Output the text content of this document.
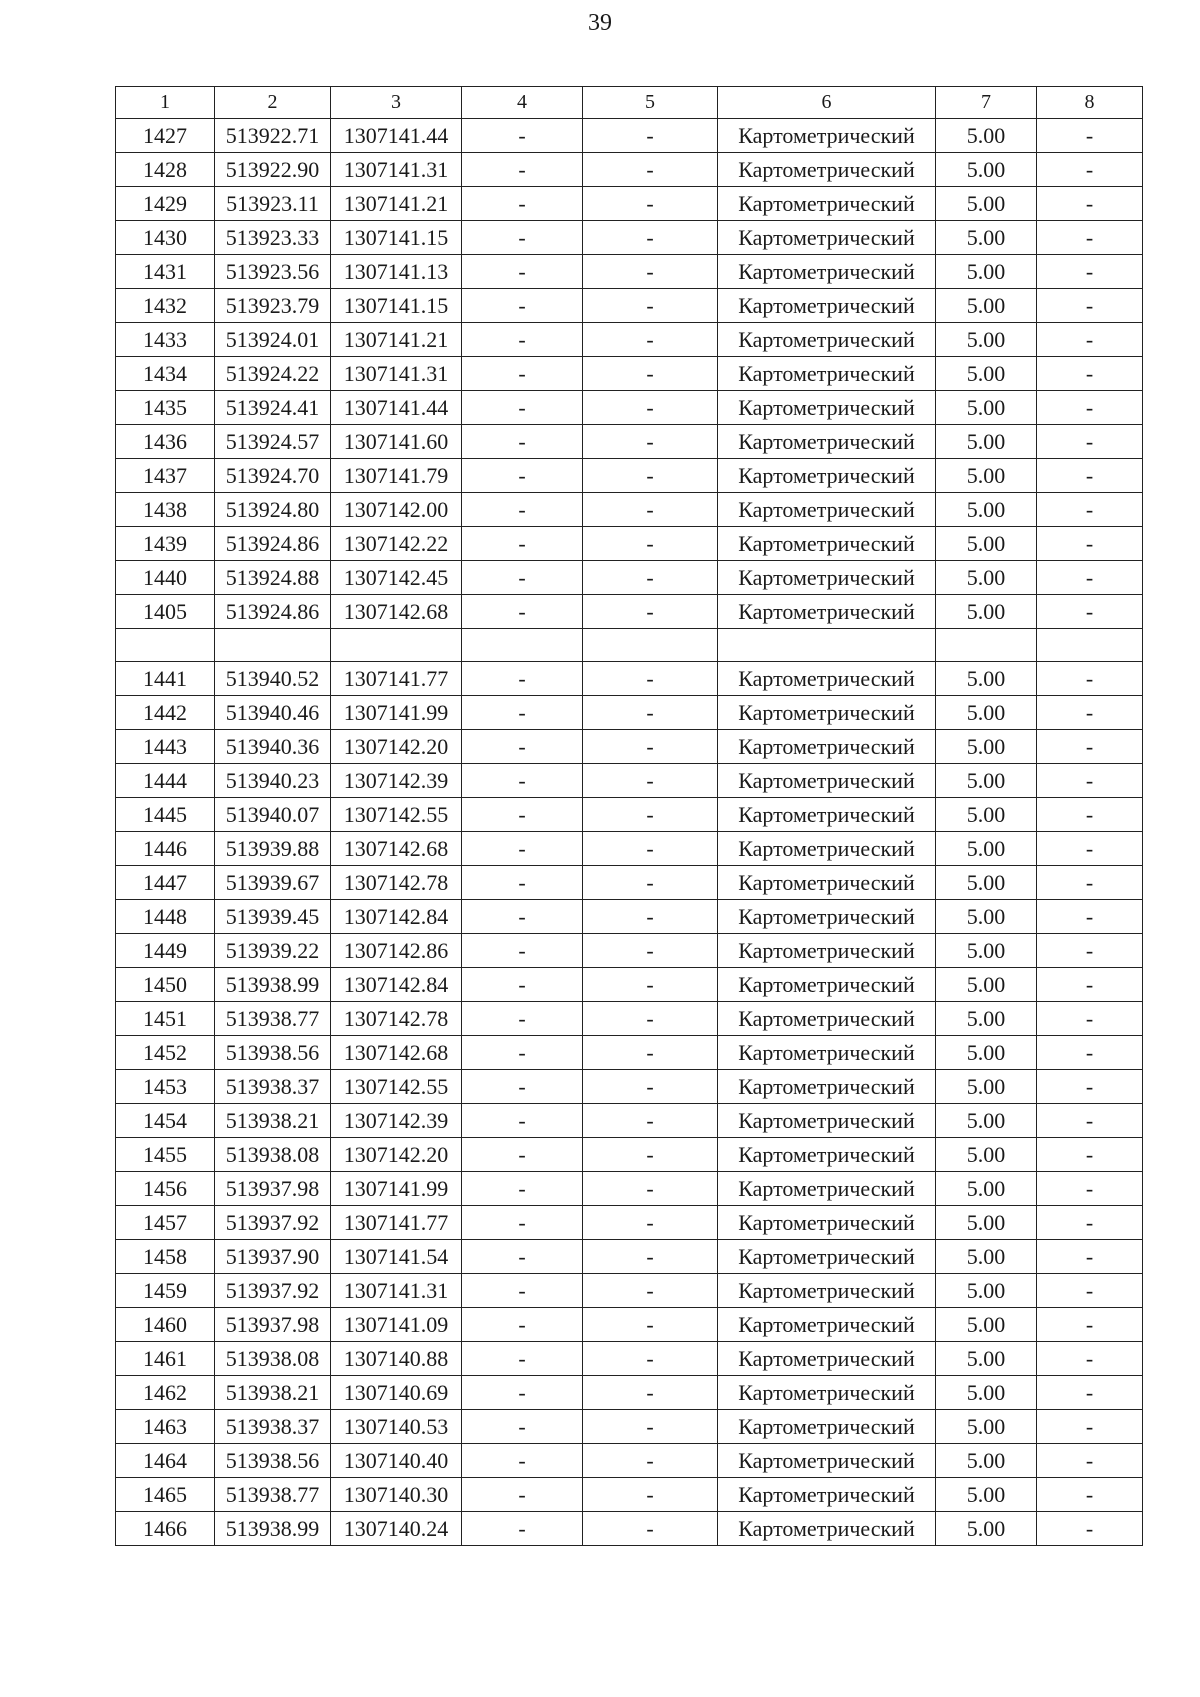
39
1	2	3	4	5	6	7	8
1427	513922.71	1307141.44	-	-	Картометрический	5.00	-
1428	513922.90	1307141.31	-	-	Картометрический	5.00	-
1429	513923.11	1307141.21	-	-	Картометрический	5.00	-
1430	513923.33	1307141.15	-	-	Картометрический	5.00	-
1431	513923.56	1307141.13	-	-	Картометрический	5.00	-
1432	513923.79	1307141.15	-	-	Картометрический	5.00	-
1433	513924.01	1307141.21	-	-	Картометрический	5.00	-
1434	513924.22	1307141.31	-	-	Картометрический	5.00	-
1435	513924.41	1307141.44	-	-	Картометрический	5.00	-
1436	513924.57	1307141.60	-	-	Картометрический	5.00	-
1437	513924.70	1307141.79	-	-	Картометрический	5.00	-
1438	513924.80	1307142.00	-	-	Картометрический	5.00	-
1439	513924.86	1307142.22	-	-	Картометрический	5.00	-
1440	513924.88	1307142.45	-	-	Картометрический	5.00	-
1405	513924.86	1307142.68	-	-	Картометрический	5.00	-

1441	513940.52	1307141.77	-	-	Картометрический	5.00	-
1442	513940.46	1307141.99	-	-	Картометрический	5.00	-
1443	513940.36	1307142.20	-	-	Картометрический	5.00	-
1444	513940.23	1307142.39	-	-	Картометрический	5.00	-
1445	513940.07	1307142.55	-	-	Картометрический	5.00	-
1446	513939.88	1307142.68	-	-	Картометрический	5.00	-
1447	513939.67	1307142.78	-	-	Картометрический	5.00	-
1448	513939.45	1307142.84	-	-	Картометрический	5.00	-
1449	513939.22	1307142.86	-	-	Картометрический	5.00	-
1450	513938.99	1307142.84	-	-	Картометрический	5.00	-
1451	513938.77	1307142.78	-	-	Картометрический	5.00	-
1452	513938.56	1307142.68	-	-	Картометрический	5.00	-
1453	513938.37	1307142.55	-	-	Картометрический	5.00	-
1454	513938.21	1307142.39	-	-	Картометрический	5.00	-
1455	513938.08	1307142.20	-	-	Картометрический	5.00	-
1456	513937.98	1307141.99	-	-	Картометрический	5.00	-
1457	513937.92	1307141.77	-	-	Картометрический	5.00	-
1458	513937.90	1307141.54	-	-	Картометрический	5.00	-
1459	513937.92	1307141.31	-	-	Картометрический	5.00	-
1460	513937.98	1307141.09	-	-	Картометрический	5.00	-
1461	513938.08	1307140.88	-	-	Картометрический	5.00	-
1462	513938.21	1307140.69	-	-	Картометрический	5.00	-
1463	513938.37	1307140.53	-	-	Картометрический	5.00	-
1464	513938.56	1307140.40	-	-	Картометрический	5.00	-
1465	513938.77	1307140.30	-	-	Картометрический	5.00	-
1466	513938.99	1307140.24	-	-	Картометрический	5.00	-
